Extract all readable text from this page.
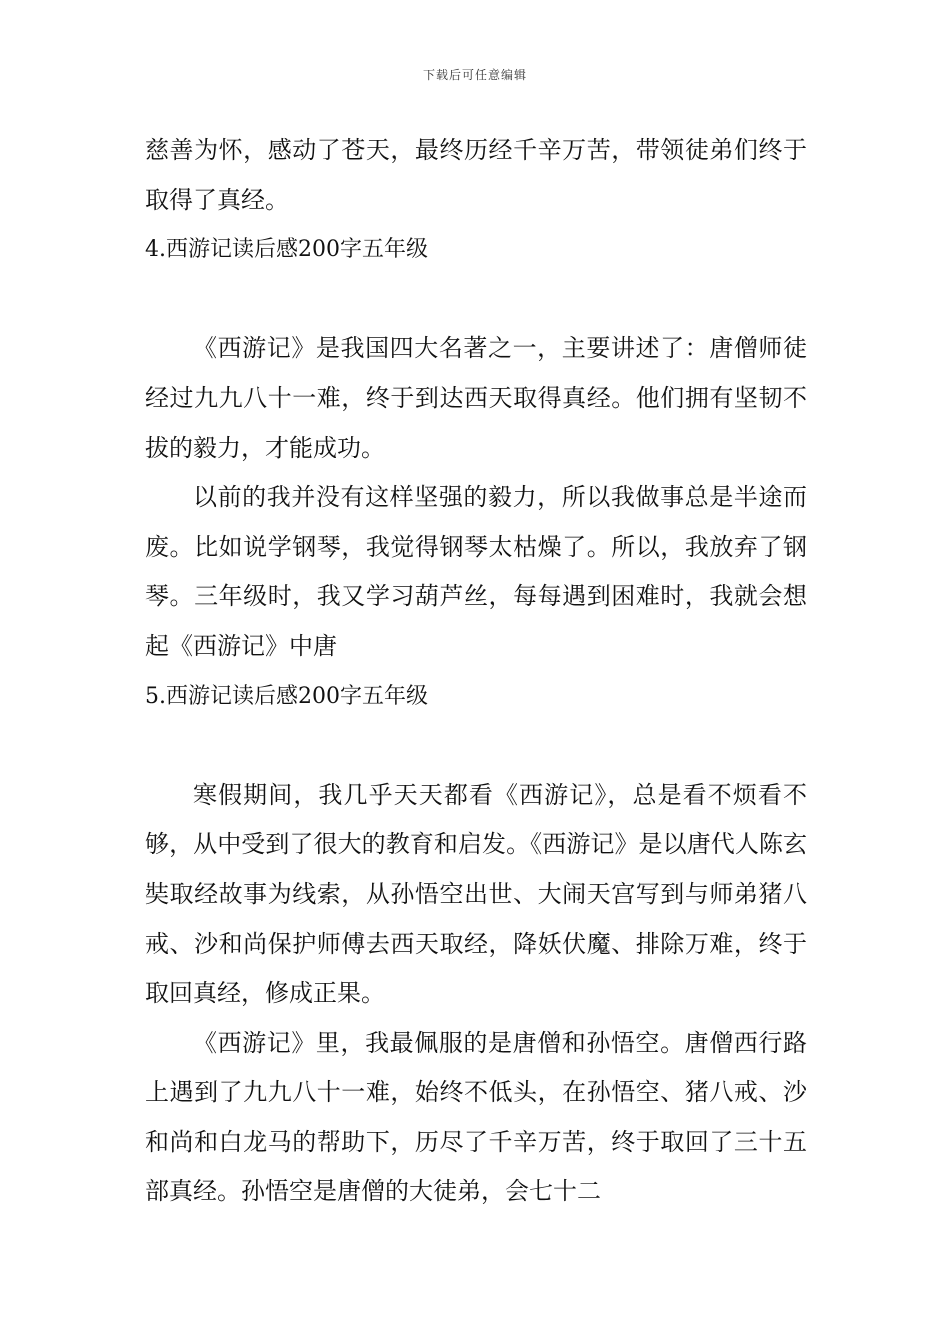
下载后可任意编辑

慈善为怀，感动了苍天，最终历经千辛万苦，带领徒弟们终于取得了真经。

4.西游记读后感200字五年级

《西游记》是我国四大名著之一，主要讲述了：唐僧师徒经过九九八十一难，终于到达西天取得真经。他们拥有坚韧不拔的毅力，才能成功。

以前的我并没有这样坚强的毅力，所以我做事总是半途而废。比如说学钢琴，我觉得钢琴太枯燥了。所以，我放弃了钢琴。三年级时，我又学习葫芦丝，每每遇到困难时，我就会想起《西游记》中唐

5.西游记读后感200字五年级

寒假期间，我几乎天天都看《西游记》，总是看不烦看不够，从中受到了很大的教育和启发。《西游记》是以唐代人陈玄奘取经故事为线索，从孙悟空出世、大闹天宫写到与师弟猪八戒、沙和尚保护师傅去西天取经，降妖伏魔、排除万难，终于取回真经，修成正果。

《西游记》里，我最佩服的是唐僧和孙悟空。唐僧西行路上遇到了九九八十一难，始终不低头，在孙悟空、猪八戒、沙和尚和白龙马的帮助下，历尽了千辛万苦，终于取回了三十五部真经。孙悟空是唐僧的大徒弟，会七十二
